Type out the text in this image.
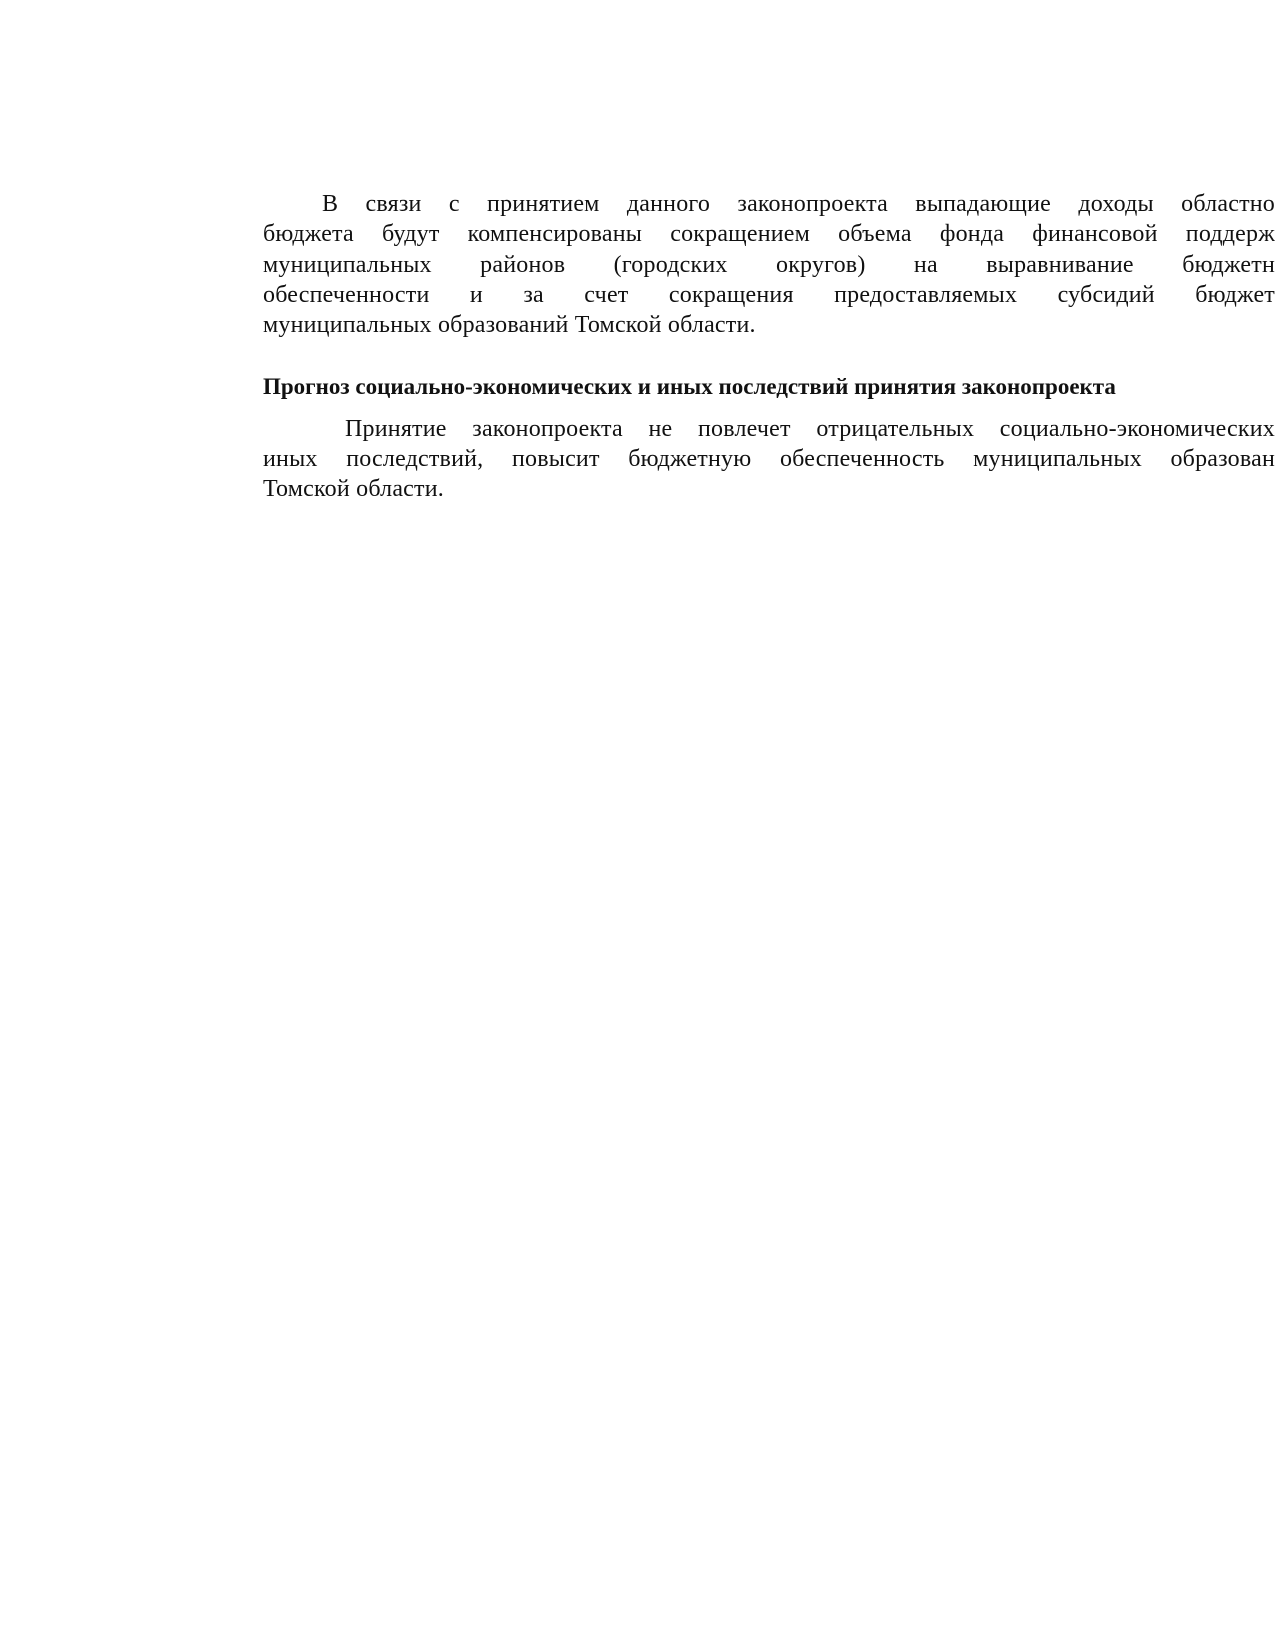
В связи с принятием данного законопроекта выпадающие доходы областно
бюджета будут компенсированы сокращением объема фонда финансовой поддерж
муниципальных районов (городских округов) на выравнивание бюджетн
обеспеченности и за счет сокращения предоставляемых субсидий бюджет
муниципальных образований Томской области.
Прогноз социально-экономических и иных последствий принятия законопроекта
Принятие законопроекта не повлечет отрицательных социально-экономических
иных последствий, повысит бюджетную обеспеченность муниципальных образован
Томской области.
